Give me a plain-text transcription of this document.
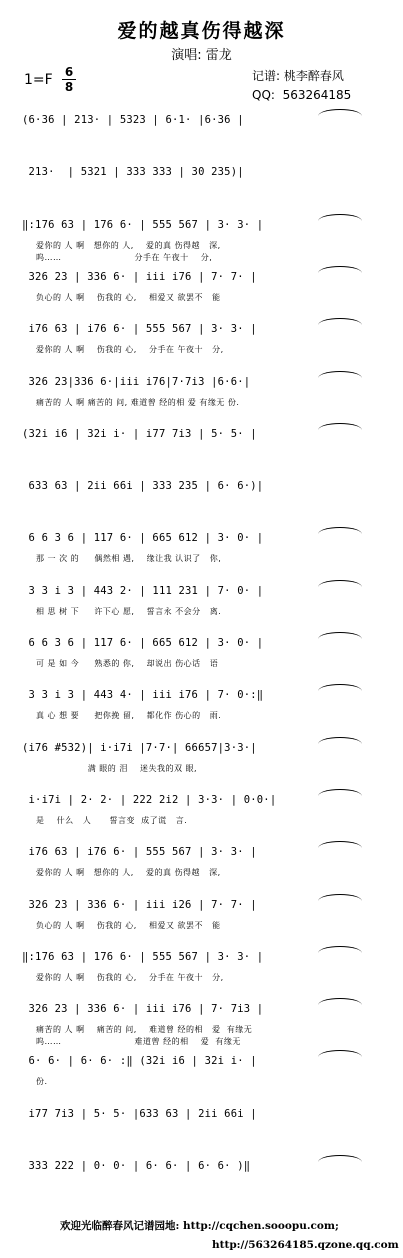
爱的越真伤得越深
演唱: 雷龙
1=F 6
8
记谱: 桃李醉春风
QQ:  563264185
(6·36 | 213· | 5323 | 6·1· |6·36 |
213·  | 5321 | 333 333 | 30 235)|
‖:176 63 | 176 6· | 555 567 | 3· 3· |
爱你的 人 啊   想你的 人,    爱的真 伤得越   深,
326 23 | 336 6· | iii i76 | 7· 7· |
负心的 人 啊    伤我的 心,    相爱又 欲罢不   能
i76 63 | i76 6· | 555 567 | 3· 3· |
爱你的 人 啊    伤我的 心,    分手在 午夜十   分,
326 23|336 6·|iii i76|7·7i3 |6·6·|
痛苦的 人 啊 痛苦的 问, 难道曾 经的相 爱 有缘无 份.
(32i i6 | 32i i· | i77 7i3 | 5· 5· |
633 63 | 2ii 66i | 333 235 | 6· 6·)|
6 6 3 6 | 117 6· | 665 612 | 3· 0· |
那 一 次 的     偶然相 遇,    缘让我 认识了   你,
3 3 i 3 | 443 2· | 111 231 | 7· 0· |
相 思 树 下     许下心 愿,    誓言永 不会分   离.
6 6 3 6 | 117 6· | 665 612 | 3· 0· |
可 是 如 今     熟悉的 你,    却说出 伤心话   语
3 3 i 3 | 443 4· | iii i76 | 7· 0·:‖
真 心 想 要     把你挽 留,    都化作 伤心的   雨.
(i76 #532)| i·i7i |7·7·| 66657|3·3·|
满 眼的 泪    迷失我的双 眼,
i·i7i | 2· 2· | 222 2i2 | 3·3· | 0·0·|
是    什么   人      誓言变  成了谎   言.
i76 63 | i76 6· | 555 567 | 3· 3· |
爱你的 人 啊   想你的 人,    爱的真 伤得越   深,
326 23 | 336 6· | iii i26 | 7· 7· |
负心的 人 啊    伤我的 心,    相爱又 欲罢不   能
‖:176 63 | 176 6· | 555 567 | 3· 3· |
爱你的 人 啊    伤我的 心,    分手在 午夜十   分,
326 23 | 336 6· | iii i76 | 7· 7i3 |
痛苦的 人 啊    痛苦的 问,    难道曾 经的相   爱  有缘无
6· 6· | 6· 6· :‖ (32i i6 | 32i i· |
份.
i77 7i3 | 5· 5· |633 63 | 2ii 66i |
333 222 | 0· 0· | 6· 6· | 6· 6· )‖
呜……                        分手在 午夜十    分,
呜……                        难道曾 经的相    爱  有缘无
欢迎光临醉春风记谱园地: http://cqchen.sooopu.com;
http://563264185.qzone.qq.com
